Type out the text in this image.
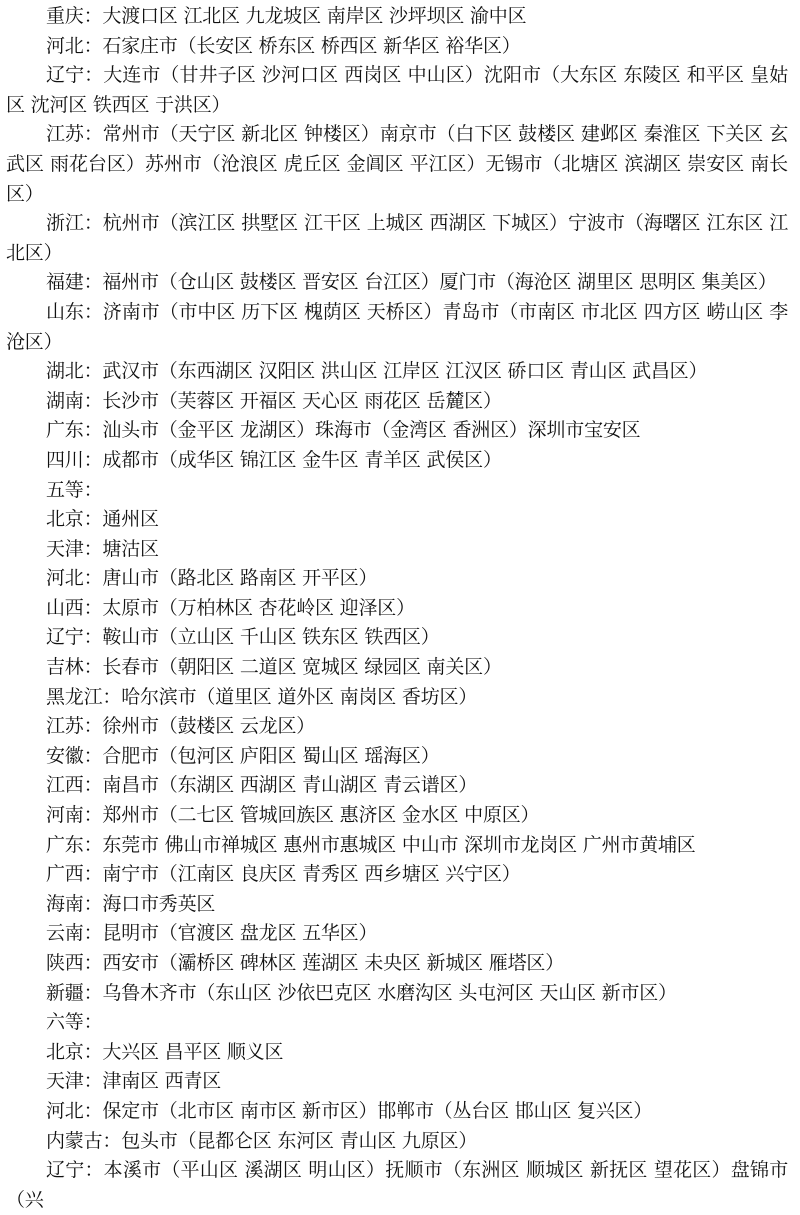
重庆：大渡口区 江北区 九龙坡区 南岸区 沙坪坝区 渝中区

河北：石家庄市（长安区 桥东区 桥西区 新华区 裕华区）

辽宁：大连市（甘井子区 沙河口区 西岗区 中山区）沈阳市（大东区 东陵区 和平区 皇姑区 沈河区 铁西区 于洪区）

江苏：常州市（天宁区 新北区 钟楼区）南京市（白下区 鼓楼区 建邺区 秦淮区 下关区 玄武区 雨花台区）苏州市（沧浪区 虎丘区 金阊区 平江区）无锡市（北塘区 滨湖区 崇安区 南长区）

浙江：杭州市（滨江区 拱墅区 江干区 上城区 西湖区 下城区）宁波市（海曙区 江东区 江北区）

福建：福州市（仓山区 鼓楼区 晋安区 台江区）厦门市（海沧区 湖里区 思明区 集美区）

山东：济南市（市中区 历下区 槐荫区 天桥区）青岛市（市南区 市北区 四方区 崂山区 李沧区）

湖北：武汉市（东西湖区 汉阳区 洪山区 江岸区 江汉区 硚口区 青山区 武昌区）

湖南：长沙市（芙蓉区 开福区 天心区 雨花区 岳麓区）

广东：汕头市（金平区 龙湖区）珠海市（金湾区 香洲区）深圳市宝安区

四川：成都市（成华区 锦江区 金牛区 青羊区 武侯区）

五等：

北京：通州区

天津：塘沽区

河北：唐山市（路北区 路南区 开平区）

山西：太原市（万柏林区 杏花岭区 迎泽区）

辽宁：鞍山市（立山区 千山区 铁东区 铁西区）

吉林：长春市（朝阳区 二道区 宽城区 绿园区 南关区）

黑龙江：哈尔滨市（道里区 道外区 南岗区 香坊区）

江苏：徐州市（鼓楼区 云龙区）

安徽：合肥市（包河区 庐阳区 蜀山区 瑶海区）

江西：南昌市（东湖区 西湖区 青山湖区 青云谱区）

河南：郑州市（二七区 管城回族区 惠济区 金水区 中原区）

广东：东莞市 佛山市禅城区 惠州市惠城区 中山市 深圳市龙岗区 广州市黄埔区

广西：南宁市（江南区 良庆区 青秀区 西乡塘区 兴宁区）

海南：海口市秀英区

云南：昆明市（官渡区 盘龙区 五华区）

陕西：西安市（灞桥区 碑林区 莲湖区 未央区 新城区 雁塔区）

新疆：乌鲁木齐市（东山区 沙依巴克区 水磨沟区 头屯河区 天山区 新市区）

六等：

北京：大兴区 昌平区 顺义区

天津：津南区 西青区

河北：保定市（北市区 南市区 新市区）邯郸市（丛台区 邯山区 复兴区）

内蒙古：包头市（昆都仑区 东河区 青山区 九原区）

辽宁：本溪市（平山区 溪湖区 明山区）抚顺市（东洲区 顺城区 新抚区 望花区）盘锦市（兴
